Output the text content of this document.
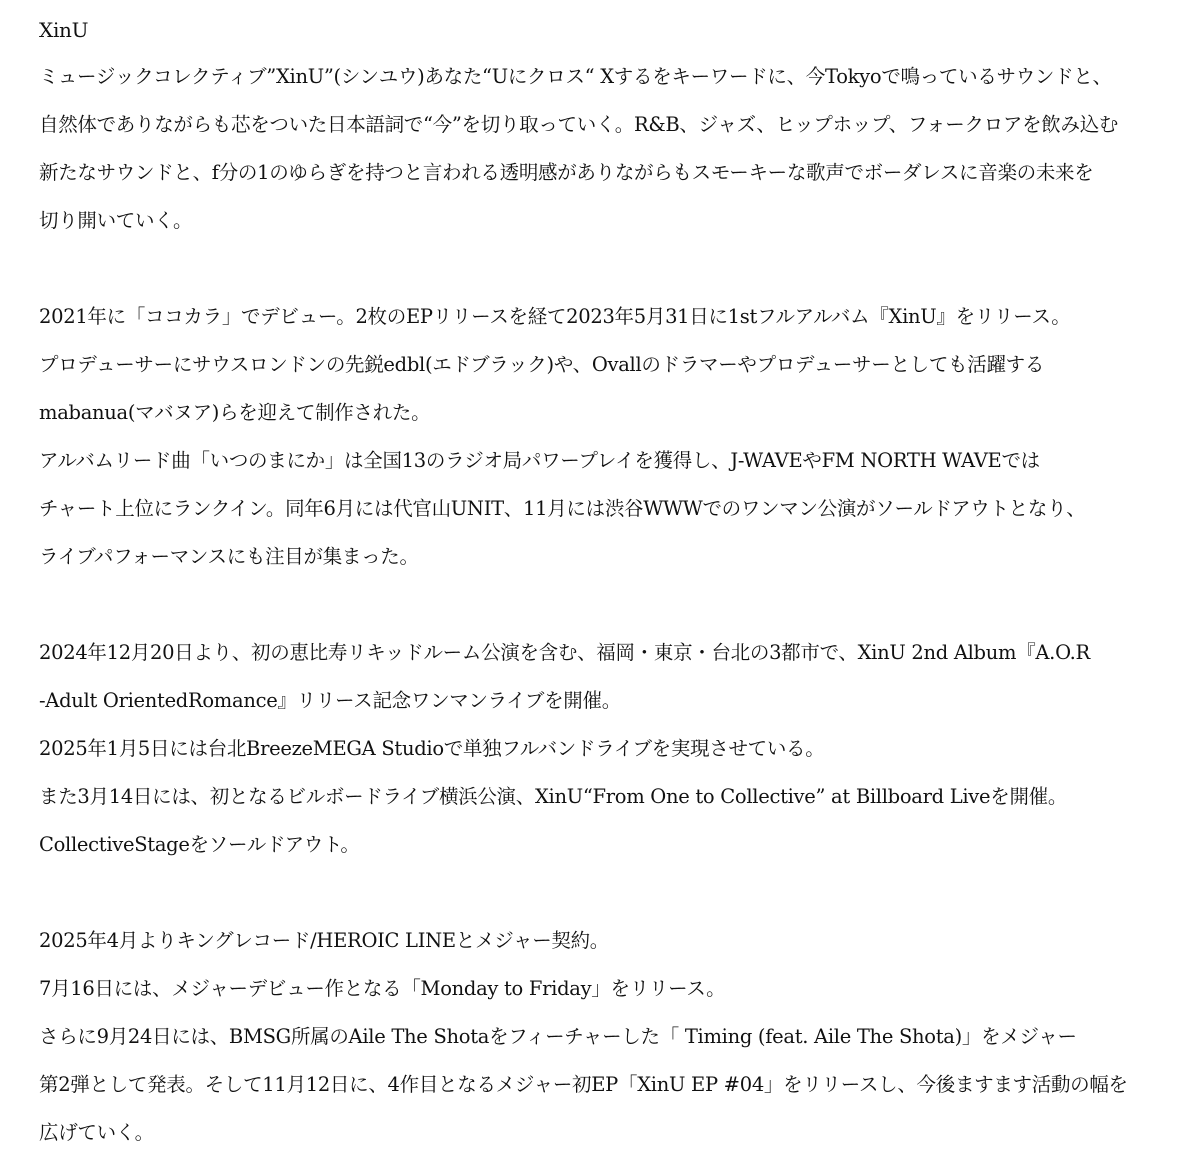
XinU
ミュージックコレクティブ”XinU”(シンユウ)あなた“Uにクロス“ Xするをキーワードに、今Tokyoで鳴っているサウンドと、
自然体でありながらも芯をついた日本語詞で“今”を切り取っていく。R&B、ジャズ、ヒップホップ、フォークロアを飲み込む
新たなサウンドと、f分の1のゆらぎを持つと言われる透明感がありながらもスモーキーな歌声でボーダレスに音楽の未来を
切り開いていく。
2021年に「ココカラ」でデビュー。2枚のEPリリースを経て2023年5月31日に1stフルアルバム『XinU』をリリース。
プロデューサーにサウスロンドンの先鋭edbl(エドブラック)や、Ovallのドラマーやプロデューサーとしても活躍する
mabanua(マバヌア)らを迎えて制作された。
アルバムリード曲「いつのまにか」は全国13のラジオ局パワープレイを獲得し、J-WAVEやFM NORTH WAVEでは
チャート上位にランクイン。同年6月には代官山UNIT、11月には渋谷WWWでのワンマン公演がソールドアウトとなり、
ライブパフォーマンスにも注目が集まった。
2024年12月20日より、初の恵比寿リキッドルーム公演を含む、福岡・東京・台北の3都市で、XinU 2nd Album『A.O.R
-Adult OrientedRomance』リリース記念ワンマンライブを開催。
2025年1月5日には台北BreezeMEGA Studioで単独フルバンドライブを実現させている。
また3月14日には、初となるビルボードライブ横浜公演、XinU“From One to Collective” at Billboard Liveを開催。
CollectiveStageをソールドアウト。
2025年4月よりキングレコード/HEROIC LINEとメジャー契約。
7月16日には、メジャーデビュー作となる「Monday to Friday」をリリース。
さらに9月24日には、BMSG所属のAile The Shotaをフィーチャーした「 Timing (feat. Aile The Shota)」をメジャー
第2弾として発表。そして11月12日に、4作目となるメジャー初EP「XinU EP #04」をリリースし、今後ますます活動の幅を
広げていく。
